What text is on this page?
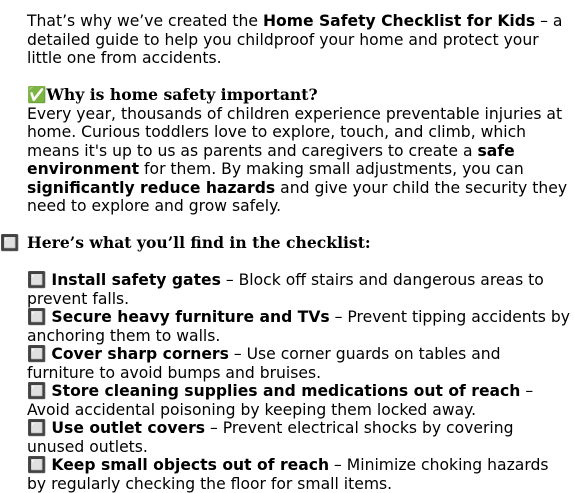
That’s why we’ve created the Home Safety Checklist for Kids – a detailed guide to help you childproof your home and protect your little one from accidents.

✅Why is home safety important?

Every year, thousands of children experience preventable injuries at home. Curious toddlers love to explore, touch, and climb, which means it's up to us as parents and caregivers to create a safe environment for them. By making small adjustments, you can significantly reduce hazards and give your child the security they need to explore and grow safely.

🔲 Here’s what you’ll find in the checklist:

🔲 Install safety gates – Block off stairs and dangerous areas to prevent falls.

🔲 Secure heavy furniture and TVs – Prevent tipping accidents by anchoring them to walls.

🔲 Cover sharp corners – Use corner guards on tables and furniture to avoid bumps and bruises.

🔲 Store cleaning supplies and medications out of reach – Avoid accidental poisoning by keeping them locked away.

🔲 Use outlet covers – Prevent electrical shocks by covering unused outlets.

🔲 Keep small objects out of reach – Minimize choking hazards by regularly checking the floor for small items.
